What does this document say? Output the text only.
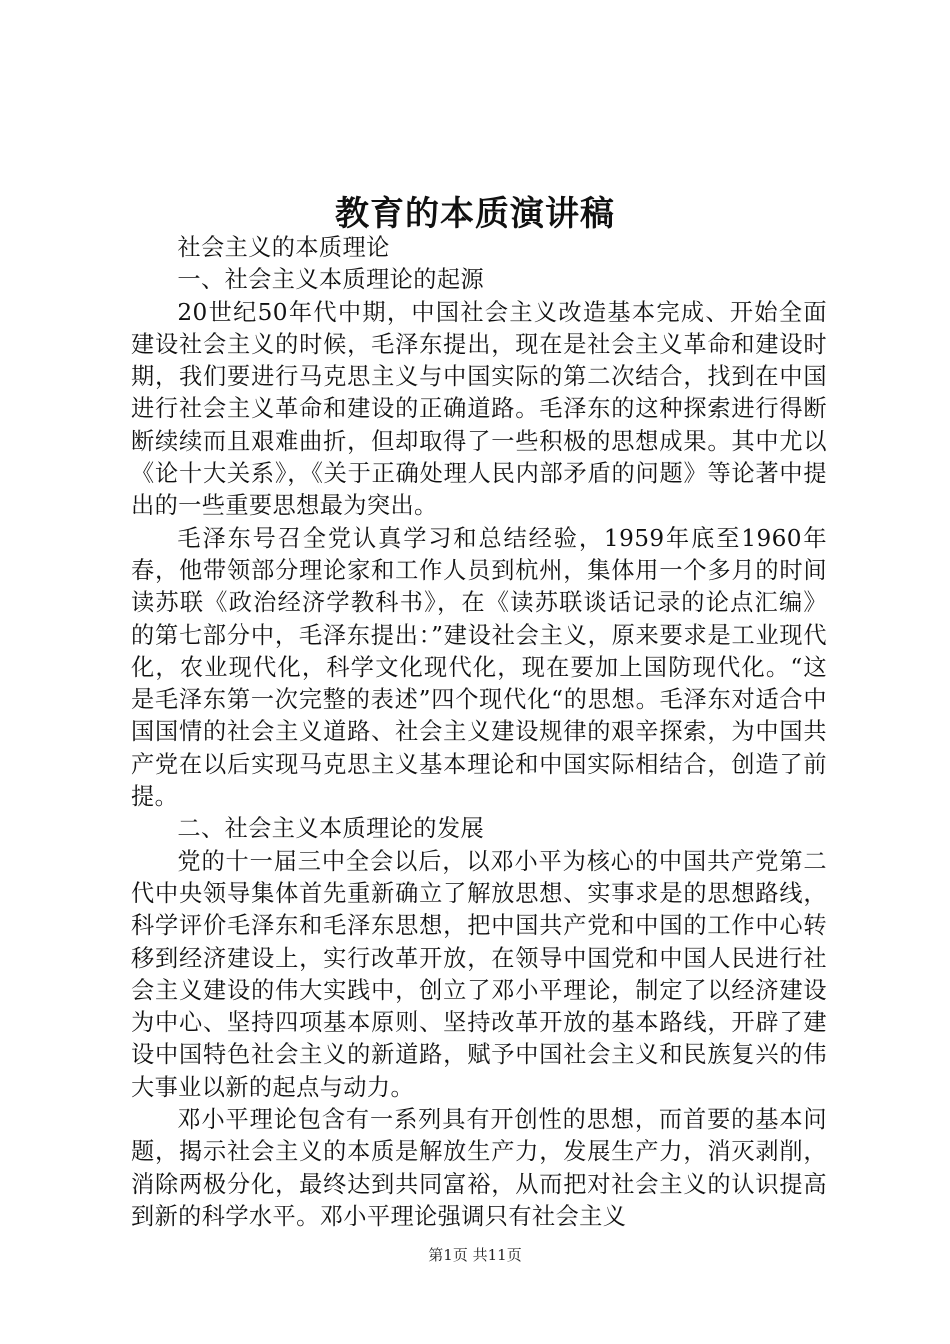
教育的本质演讲稿

社会主义的本质理论

一、社会主义本质理论的起源

20世纪50年代中期，中国社会主义改造基本完成、开始全面建设社会主义的时候，毛泽东提出，现在是社会主义革命和建设时期，我们要进行马克思主义与中国实际的第二次结合，找到在中国进行社会主义革命和建设的正确道路。毛泽东的这种探索进行得断断续续而且艰难曲折，但却取得了一些积极的思想成果。其中尤以《论十大关系》，《关于正确处理人民内部矛盾的问题》等论著中提出的一些重要思想最为突出。

毛泽东号召全党认真学习和总结经验，1959年底至1960年春，他带领部分理论家和工作人员到杭州，集体用一个多月的时间读苏联《政治经济学教科书》，在《读苏联谈话记录的论点汇编》的第七部分中，毛泽东提出：”建设社会主义，原来要求是工业现代化，农业现代化，科学文化现代化，现在要加上国防现代化。“这是毛泽东第一次完整的表述”四个现代化“的思想。毛泽东对适合中国国情的社会主义道路、社会主义建设规律的艰辛探索，为中国共产党在以后实现马克思主义基本理论和中国实际相结合，创造了前提。

二、社会主义本质理论的发展

党的十一届三中全会以后，以邓小平为核心的中国共产党第二代中央领导集体首先重新确立了解放思想、实事求是的思想路线，科学评价毛泽东和毛泽东思想，把中国共产党和中国的工作中心转移到经济建设上，实行改革开放，在领导中国党和中国人民进行社会主义建设的伟大实践中，创立了邓小平理论，制定了以经济建设为中心、坚持四项基本原则、坚持改革开放的基本路线，开辟了建设中国特色社会主义的新道路，赋予中国社会主义和民族复兴的伟大事业以新的起点与动力。

邓小平理论包含有一系列具有开创性的思想，而首要的基本问题，揭示社会主义的本质是解放生产力，发展生产力，消灭剥削，消除两极分化，最终达到共同富裕，从而把对社会主义的认识提高到新的科学水平。邓小平理论强调只有社会主义

第1页 共11页
